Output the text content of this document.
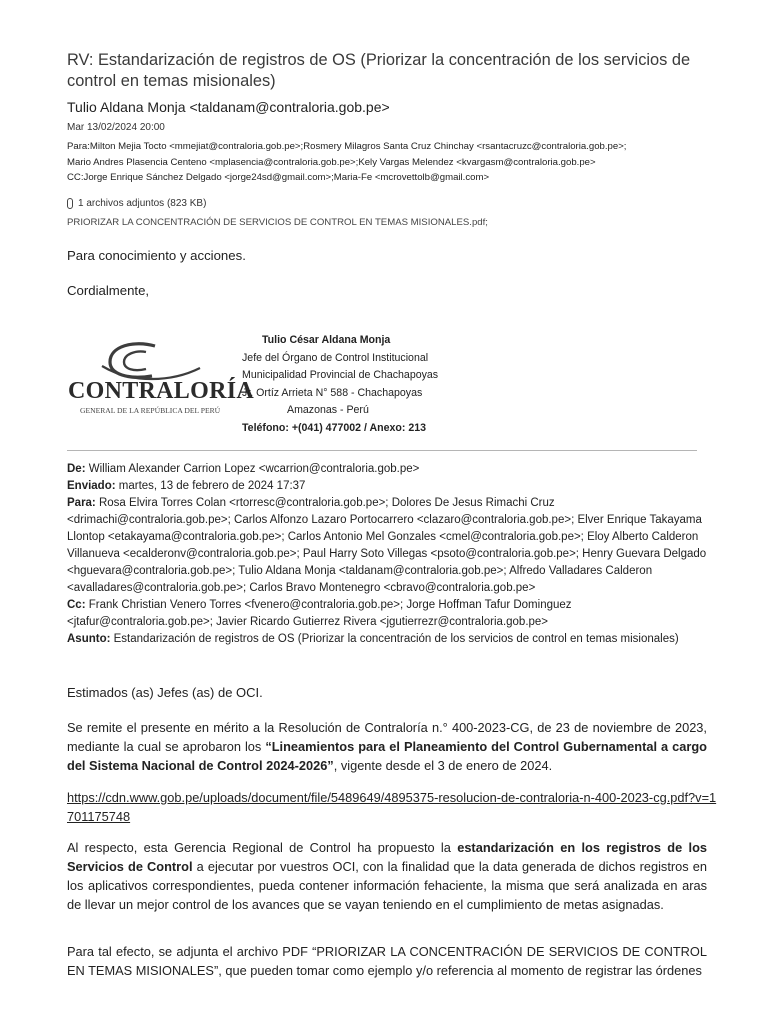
RV: Estandarización de registros de OS (Priorizar la concentración de los servicios de control en temas misionales)
Tulio Aldana Monja <taldanam@contraloria.gob.pe>
Mar 13/02/2024 20:00
Para:Milton Mejia Tocto <mmejiat@contraloria.gob.pe>;Rosmery Milagros Santa Cruz Chinchay <rsantacruzc@contraloria.gob.pe>;
Mario Andres Plasencia Centeno <mplasencia@contraloria.gob.pe>;Kely Vargas Melendez <kvargasm@contraloria.gob.pe>
CC:Jorge Enrique Sánchez Delgado <jorge24sd@gmail.com>;Maria-Fe <mcrovettolb@gmail.com>
1 archivos adjuntos (823 KB)
PRIORIZAR LA CONCENTRACIÓN DE SERVICIOS DE CONTROL EN TEMAS MISIONALES.pdf;
Para conocimiento y acciones.
Cordialmente,
CONTRALORÍA
GENERAL DE LA REPÚBLICA DEL PERÚ
Tulio César Aldana Monja
Jefe del Órgano de Control Institucional
Municipalidad Provincial de Chachapoyas
Jr. Ortíz Arrieta N° 588 - Chachapoyas
Amazonas - Perú
Teléfono: +(041) 477002 / Anexo: 213
De: William Alexander Carrion Lopez <wcarrion@contraloria.gob.pe>
Enviado: martes, 13 de febrero de 2024 17:37
Para: Rosa Elvira Torres Colan <rtorresc@contraloria.gob.pe>; Dolores De Jesus Rimachi Cruz <drimachi@contraloria.gob.pe>; Carlos Alfonzo Lazaro Portocarrero <clazaro@contraloria.gob.pe>; Elver Enrique Takayama Llontop <etakayama@contraloria.gob.pe>; Carlos Antonio Mel Gonzales <cmel@contraloria.gob.pe>; Eloy Alberto Calderon Villanueva <ecalderonv@contraloria.gob.pe>; Paul Harry Soto Villegas <psoto@contraloria.gob.pe>; Henry Guevara Delgado <hguevara@contraloria.gob.pe>; Tulio Aldana Monja <taldanam@contraloria.gob.pe>; Alfredo Valladares Calderon <avalladares@contraloria.gob.pe>; Carlos Bravo Montenegro <cbravo@contraloria.gob.pe>
Cc: Frank Christian Venero Torres <fvenero@contraloria.gob.pe>; Jorge Hoffman Tafur Dominguez <jtafur@contraloria.gob.pe>; Javier Ricardo Gutierrez Rivera <jgutierrezr@contraloria.gob.pe>
Asunto: Estandarización de registros de OS (Priorizar la concentración de los servicios de control en temas misionales)
Estimados (as) Jefes (as) de OCI.
Se remite el presente en mérito a la Resolución de Contraloría n.° 400-2023-CG, de 23 de noviembre de 2023, mediante la cual se aprobaron los “Lineamientos para el Planeamiento del Control Gubernamental a cargo del Sistema Nacional de Control 2024-2026”, vigente desde el 3 de enero de 2024.
https://cdn.www.gob.pe/uploads/document/file/5489649/4895375-resolucion-de-contraloria-n-400-2023-cg.pdf?v=1701175748
Al respecto, esta Gerencia Regional de Control ha propuesto la estandarización en los registros de los Servicios de Control a ejecutar por vuestros OCI, con la finalidad que la data generada de dichos registros en los aplicativos correspondientes, pueda contener información fehaciente, la misma que será analizada en aras de llevar un mejor control de los avances que se vayan teniendo en el cumplimiento de metas asignadas.
Para tal efecto, se adjunta el archivo PDF “PRIORIZAR LA CONCENTRACIÓN DE SERVICIOS DE CONTROL EN TEMAS MISIONALES”, que pueden tomar como ejemplo y/o referencia al momento de registrar las órdenes
